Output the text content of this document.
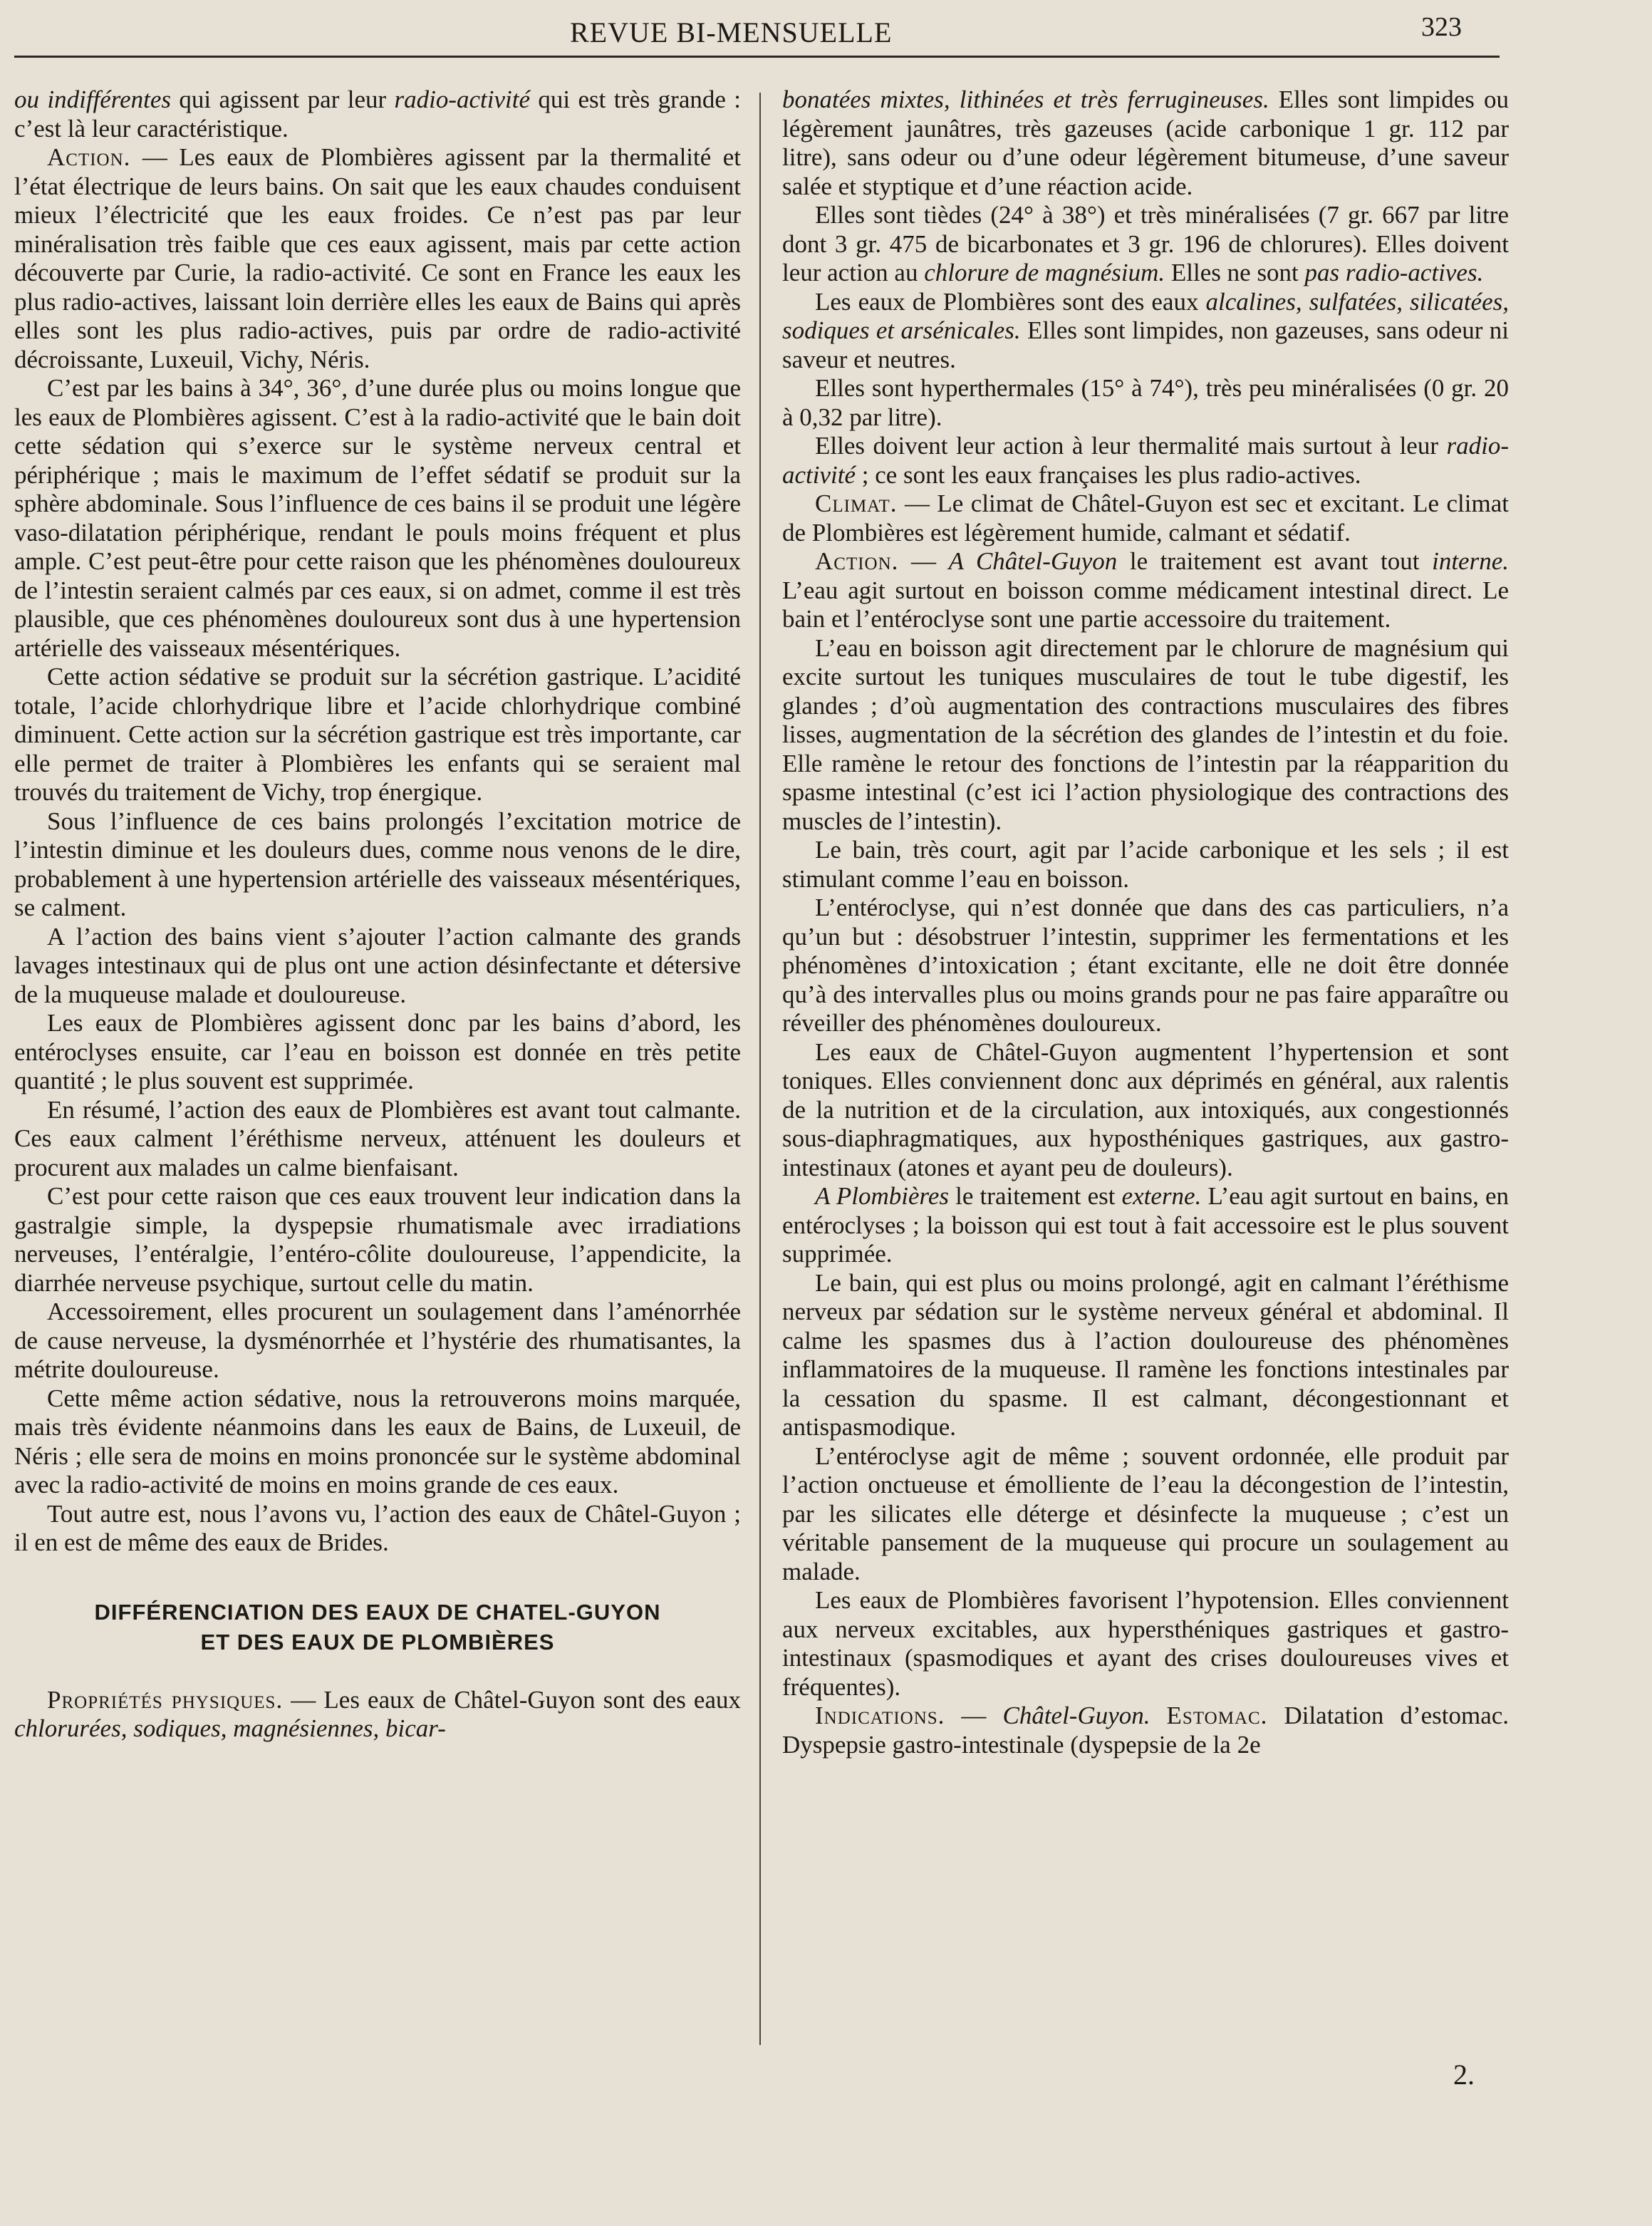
REVUE BI-MENSUELLE	323

ou indifférentes qui agissent par leur radio-activité qui est très grande : c’est là leur caractéristique.

Action. — Les eaux de Plombières agissent par la thermalité et l’état électrique de leurs bains. On sait que les eaux chaudes conduisent mieux l’électricité que les eaux froides. Ce n’est pas par leur minéralisation très faible que ces eaux agissent, mais par cette action découverte par Curie, la radio-activité. Ce sont en France les eaux les plus radio-actives, laissant loin derrière elles les eaux de Bains qui après elles sont les plus radio-actives, puis par ordre de radio-activité décroissante, Luxeuil, Vichy, Néris.

C’est par les bains à 34°, 36°, d’une durée plus ou moins longue que les eaux de Plombières agissent. C’est à la radio-activité que le bain doit cette sédation qui s’exerce sur le système nerveux central et périphérique ; mais le maximum de l’effet sédatif se produit sur la sphère abdominale. Sous l’influence de ces bains il se produit une légère vaso-dilatation périphérique, rendant le pouls moins fréquent et plus ample. C’est peut-être pour cette raison que les phénomènes douloureux de l’intestin seraient calmés par ces eaux, si on admet, comme il est très plausible, que ces phénomènes douloureux sont dus à une hypertension artérielle des vaisseaux mésentériques.

Cette action sédative se produit sur la sécrétion gastrique. L’acidité totale, l’acide chlorhydrique libre et l’acide chlorhydrique combiné diminuent. Cette action sur la sécrétion gastrique est très importante, car elle permet de traiter à Plombières les enfants qui se seraient mal trouvés du traitement de Vichy, trop énergique.

Sous l’influence de ces bains prolongés l’excitation motrice de l’intestin diminue et les douleurs dues, comme nous venons de le dire, probablement à une hypertension artérielle des vaisseaux mésentériques, se calment.

A l’action des bains vient s’ajouter l’action calmante des grands lavages intestinaux qui de plus ont une action désinfectante et détersive de la muqueuse malade et douloureuse.

Les eaux de Plombières agissent donc par les bains d’abord, les entéroclyses ensuite, car l’eau en boisson est donnée en très petite quantité ; le plus souvent est supprimée.

En résumé, l’action des eaux de Plombières est avant tout calmante. Ces eaux calment l’éréthisme nerveux, atténuent les douleurs et procurent aux malades un calme bienfaisant.

C’est pour cette raison que ces eaux trouvent leur indication dans la gastralgie simple, la dyspepsie rhumatismale avec irradiations nerveuses, l’entéralgie, l’entéro-côlite douloureuse, l’appendicite, la diarrhée nerveuse psychique, surtout celle du matin.

Accessoirement, elles procurent un soulagement dans l’aménorrhée de cause nerveuse, la dysménorrhée et l’hystérie des rhumatisantes, la métrite douloureuse.

Cette même action sédative, nous la retrouverons moins marquée, mais très évidente néanmoins dans les eaux de Bains, de Luxeuil, de Néris ; elle sera de moins en moins prononcée sur le système abdominal avec la radio-activité de moins en moins grande de ces eaux.

Tout autre est, nous l’avons vu, l’action des eaux de Châtel-Guyon ; il en est de même des eaux de Brides.

DIFFÉRENCIATION DES EAUX DE CHATEL-GUYON
ET DES EAUX DE PLOMBIÈRES

Propriétés physiques. — Les eaux de Châtel-Guyon sont des eaux chlorurées, sodiques, magnésiennes, bicar-

bonatées mixtes, lithinées et très ferrugineuses. Elles sont limpides ou légèrement jaunâtres, très gazeuses (acide carbonique 1 gr. 112 par litre), sans odeur ou d’une odeur légèrement bitumeuse, d’une saveur salée et styptique et d’une réaction acide.

Elles sont tièdes (24° à 38°) et très minéralisées (7 gr. 667 par litre dont 3 gr. 475 de bicarbonates et 3 gr. 196 de chlorures). Elles doivent leur action au chlorure de magnésium. Elles ne sont pas radio-actives.

Les eaux de Plombières sont des eaux alcalines, sulfatées, silicatées, sodiques et arsénicales. Elles sont limpides, non gazeuses, sans odeur ni saveur et neutres.

Elles sont hyperthermales (15° à 74°), très peu minéralisées (0 gr. 20 à 0,32 par litre).

Elles doivent leur action à leur thermalité mais surtout à leur radio-activité ; ce sont les eaux françaises les plus radio-actives.

Climat. — Le climat de Châtel-Guyon est sec et excitant. Le climat de Plombières est légèrement humide, calmant et sédatif.

Action. — A Châtel-Guyon le traitement est avant tout interne. L’eau agit surtout en boisson comme médicament intestinal direct. Le bain et l’entéroclyse sont une partie accessoire du traitement.

L’eau en boisson agit directement par le chlorure de magnésium qui excite surtout les tuniques musculaires de tout le tube digestif, les glandes ; d’où augmentation des contractions musculaires des fibres lisses, augmentation de la sécrétion des glandes de l’intestin et du foie. Elle ramène le retour des fonctions de l’intestin par la réapparition du spasme intestinal (c’est ici l’action physiologique des contractions des muscles de l’intestin).

Le bain, très court, agit par l’acide carbonique et les sels ; il est stimulant comme l’eau en boisson.

L’entéroclyse, qui n’est donnée que dans des cas particuliers, n’a qu’un but : désobstruer l’intestin, supprimer les fermentations et les phénomènes d’intoxication ; étant excitante, elle ne doit être donnée qu’à des intervalles plus ou moins grands pour ne pas faire apparaître ou réveiller des phénomènes douloureux.

Les eaux de Châtel-Guyon augmentent l’hypertension et sont toniques. Elles conviennent donc aux déprimés en général, aux ralentis de la nutrition et de la circulation, aux intoxiqués, aux congestionnés sous-diaphragmatiques, aux hyposthéniques gastriques, aux gastro-intestinaux (atones et ayant peu de douleurs).

A Plombières le traitement est externe. L’eau agit surtout en bains, en entéroclyses ; la boisson qui est tout à fait accessoire est le plus souvent supprimée.

Le bain, qui est plus ou moins prolongé, agit en calmant l’éréthisme nerveux par sédation sur le système nerveux général et abdominal. Il calme les spasmes dus à l’action douloureuse des phénomènes inflammatoires de la muqueuse. Il ramène les fonctions intestinales par la cessation du spasme. Il est calmant, décongestionnant et antispasmodique.

L’entéroclyse agit de même ; souvent ordonnée, elle produit par l’action onctueuse et émolliente de l’eau la décongestion de l’intestin, par les silicates elle déterge et désinfecte la muqueuse ; c’est un véritable pansement de la muqueuse qui procure un soulagement au malade.

Les eaux de Plombières favorisent l’hypotension. Elles conviennent aux nerveux excitables, aux hypersthéniques gastriques et gastro-intestinaux (spasmodiques et ayant des crises douloureuses vives et fréquentes).

Indications. — Châtel-Guyon. Estomac. Dilatation d’estomac. Dyspepsie gastro-intestinale (dyspepsie de la 2e

2.
